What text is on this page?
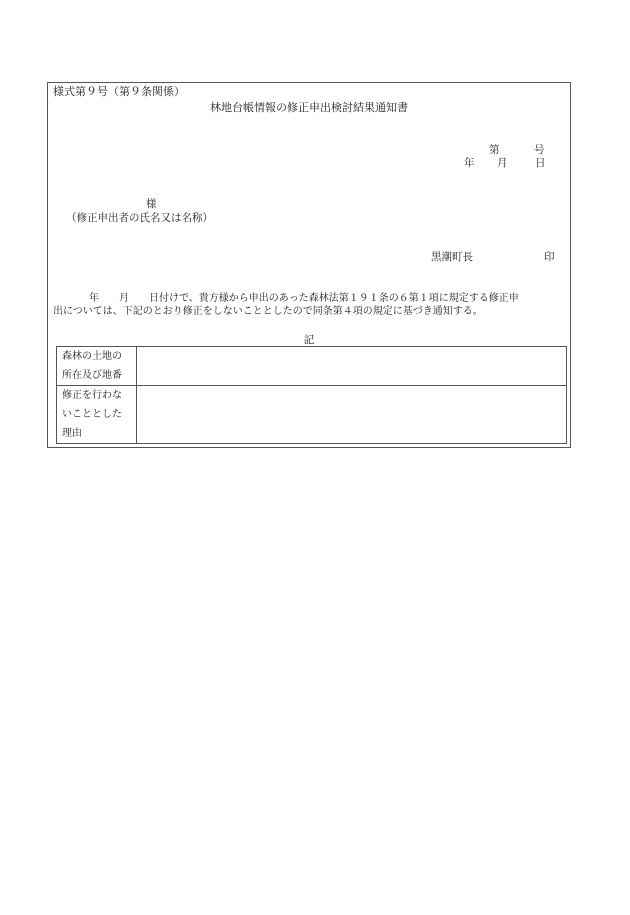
様式第９号（第９条関係）
林地台帳情報の修正申出検討結果通知書
第	号
年 月	日
様
（修正申出者の氏名又は名称）
黒潮町長	印
年　　月　　日付けで、貴方様から申出のあった森林法第１９１条の６第１項に規定する修正申
出については、下記のとおり修正をしないこととしたので同条第４項の規定に基づき通知する。
記
森林の土地の
所在及び地番	

修正を行わな
いこととした
理由	
